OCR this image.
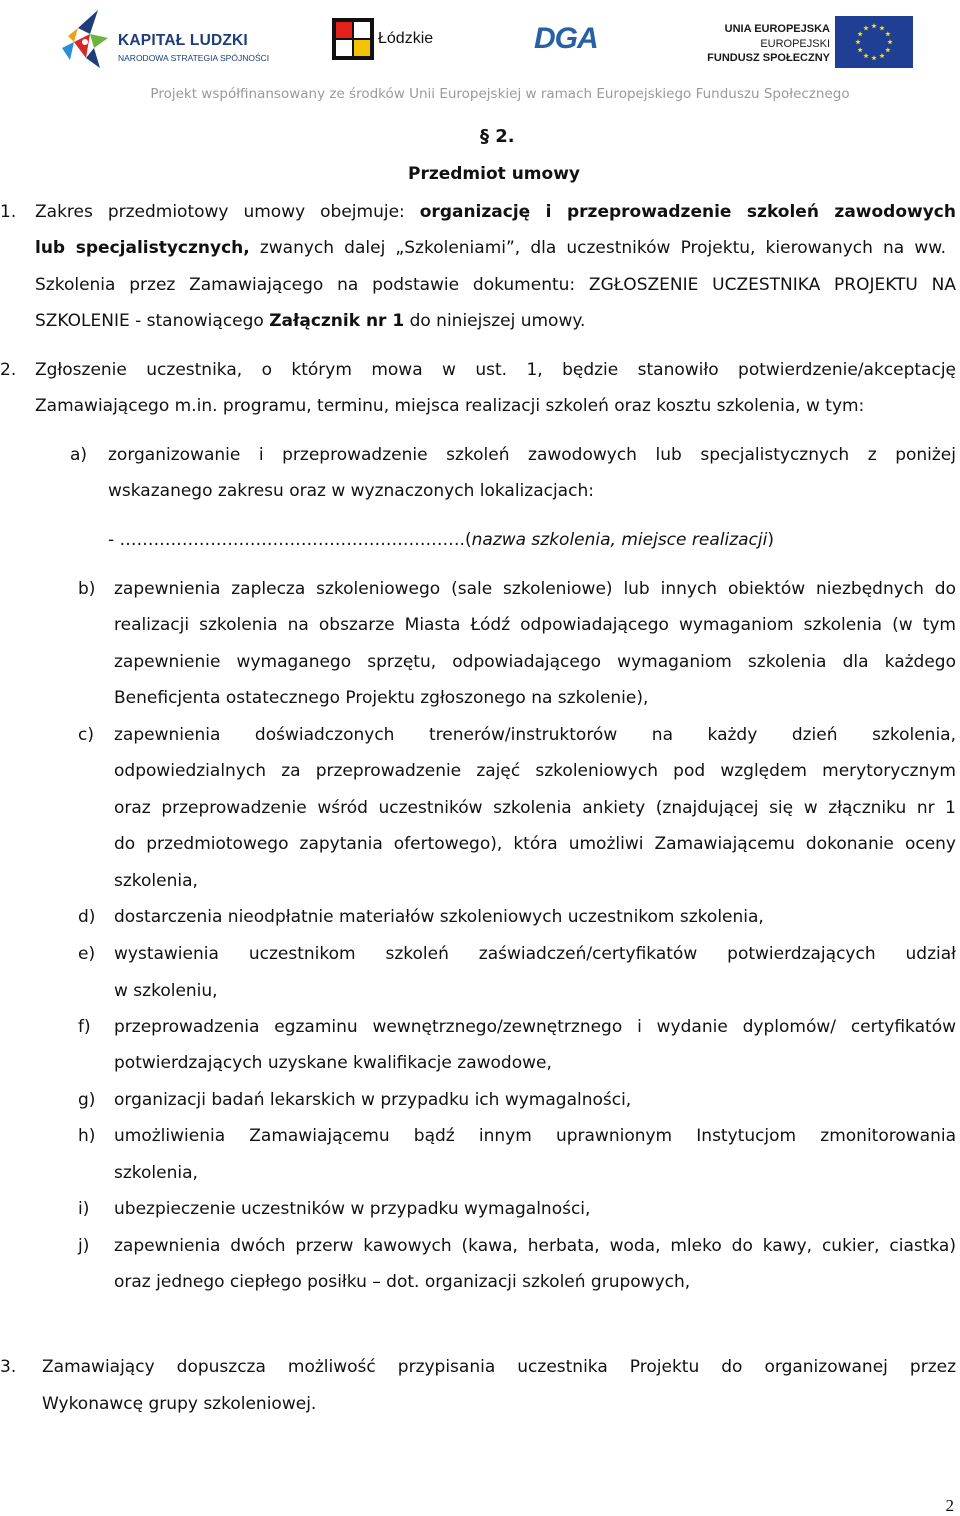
KAPITAŁ LUDZKI
NARODOWA STRATEGIA SPÓJNOŚCI
Łódzkie	DGA	UNIA EUROPEJSKA
EUROPEJSKI
FUNDUSZ SPOŁECZNY
Projekt współfinansowany ze środków Unii Europejskiej w ramach Europejskiego Funduszu Społecznego
§ 2.
Przedmiot umowy
1. Zakres przedmiotowy umowy obejmuje: organizację i przeprowadzenie szkoleń zawodowych
lub specjalistycznych, zwanych dalej „Szkoleniami”, dla uczestników Projektu, kierowanych na ww.
Szkolenia przez Zamawiającego na podstawie dokumentu: ZGŁOSZENIE UCZESTNIKA PROJEKTU NA
SZKOLENIE - stanowiącego Załącznik nr 1 do niniejszej umowy.
2. Zgłoszenie uczestnika, o którym mowa w ust. 1, będzie stanowiło potwierdzenie/akceptację
Zamawiającego m.in. programu, terminu, miejsca realizacji szkoleń oraz kosztu szkolenia, w tym:
a) zorganizowanie i przeprowadzenie szkoleń zawodowych lub specjalistycznych z poniżej
wskazanego zakresu oraz w wyznaczonych lokalizacjach:
- …………………………………………………….(nazwa szkolenia, miejsce realizacji)
b) zapewnienia zaplecza szkoleniowego (sale szkoleniowe) lub innych obiektów niezbędnych do
realizacji szkolenia na obszarze Miasta Łódź odpowiadającego wymaganiom szkolenia (w tym
zapewnienie wymaganego sprzętu, odpowiadającego wymaganiom szkolenia dla każdego
Beneficjenta ostatecznego Projektu zgłoszonego na szkolenie),
c) zapewnienia doświadczonych trenerów/instruktorów na każdy dzień szkolenia,
odpowiedzialnych za przeprowadzenie zajęć szkoleniowych pod względem merytorycznym
oraz przeprowadzenie wśród uczestników szkolenia ankiety (znajdującej się w złączniku nr 1
do przedmiotowego zapytania ofertowego), która umożliwi Zamawiającemu dokonanie oceny
szkolenia,
d) dostarczenia nieodpłatnie materiałów szkoleniowych uczestnikom szkolenia,
e) wystawienia uczestnikom szkoleń zaświadczeń/certyfikatów potwierdzających udział
w szkoleniu,
f) przeprowadzenia egzaminu wewnętrznego/zewnętrznego i wydanie dyplomów/ certyfikatów
potwierdzających uzyskane kwalifikacje zawodowe,
g) organizacji badań lekarskich w przypadku ich wymagalności,
h) umożliwienia Zamawiającemu bądź innym uprawnionym Instytucjom zmonitorowania
szkolenia,
i) ubezpieczenie uczestników w przypadku wymagalności,
j) zapewnienia dwóch przerw kawowych (kawa, herbata, woda, mleko do kawy, cukier, ciastka)
oraz jednego ciepłego posiłku – dot. organizacji szkoleń grupowych,
3. Zamawiający dopuszcza możliwość przypisania uczestnika Projektu do organizowanej przez
Wykonawcę grupy szkoleniowej.
2
